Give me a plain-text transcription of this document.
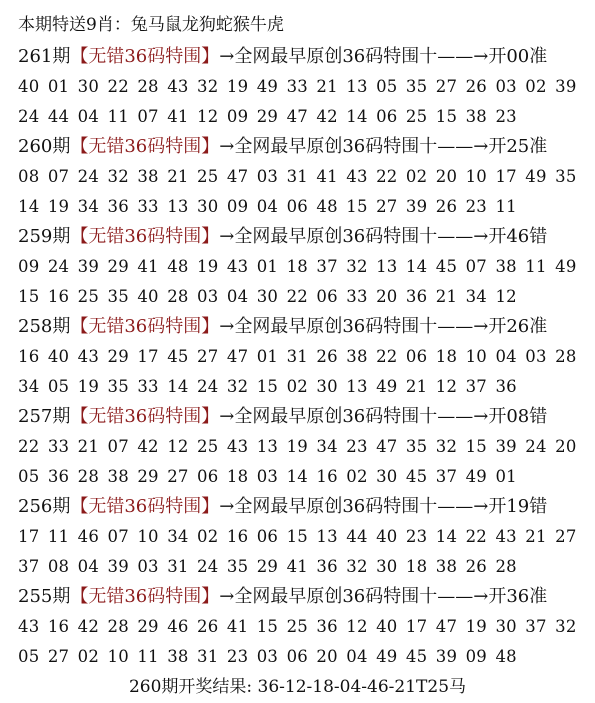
本期特送9肖：兔马鼠龙狗蛇猴牛虎
261期【无错36码特围】→全网最早原创36码特围十——→开00准
40 01 30 22 28 43 32 19 49 33 21 13 05 35 27 26 03 02 39
24 44 04 11 07 41 12 09 29 47 42 14 06 25 15 38 23
260期【无错36码特围】→全网最早原创36码特围十——→开25准
08 07 24 32 38 21 25 47 03 31 41 43 22 02 20 10 17 49 35
14 19 34 36 33 13 30 09 04 06 48 15 27 39 26 23 11
259期【无错36码特围】→全网最早原创36码特围十——→开46错
09 24 39 29 41 48 19 43 01 18 37 32 13 14 45 07 38 11 49
15 16 25 35 40 28 03 04 30 22 06 33 20 36 21 34 12
258期【无错36码特围】→全网最早原创36码特围十——→开26准
16 40 43 29 17 45 27 47 01 31 26 38 22 06 18 10 04 03 28
34 05 19 35 33 14 24 32 15 02 30 13 49 21 12 37 36
257期【无错36码特围】→全网最早原创36码特围十——→开08错
22 33 21 07 42 12 25 43 13 19 34 23 47 35 32 15 39 24 20
05 36 28 38 29 27 06 18 03 14 16 02 30 45 37 49 01
256期【无错36码特围】→全网最早原创36码特围十——→开19错
17 11 46 07 10 34 02 16 06 15 13 44 40 23 14 22 43 21 27
37 08 04 39 03 31 24 35 29 41 36 32 30 18 38 26 28
255期【无错36码特围】→全网最早原创36码特围十——→开36准
43 16 42 28 29 46 26 41 15 25 36 12 40 17 47 19 30 37 32
05 27 02 10 11 38 31 23 03 06 20 04 49 45 39 09 48
260期开奖结果: 36-12-18-04-46-21T25马
